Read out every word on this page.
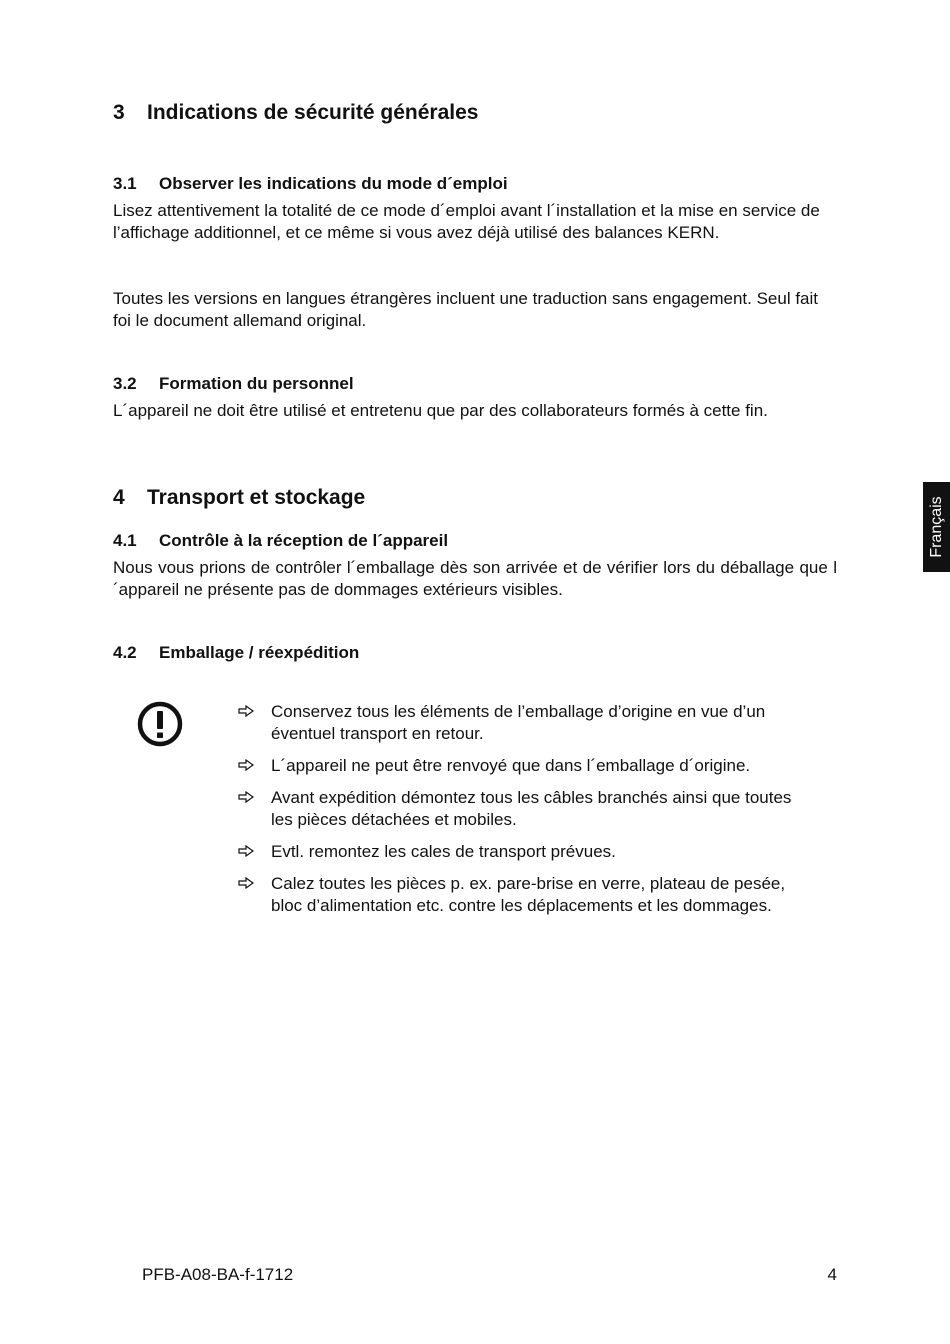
Français
3 Indications de sécurité générales
3.1 Observer les indications du mode d´emploi

Lisez attentivement la totalité de ce mode d´emploi avant l´installation et la mise en service de l’affichage additionnel, et ce même si vous avez déjà utilisé des balances KERN.

Toutes les versions en langues étrangères incluent une traduction sans engagement. Seul fait foi le document allemand original.

3.2 Formation du personnel

L´appareil ne doit être utilisé et entretenu que par des collaborateurs formés à cette fin.

4 Transport et stockage
4.1 Contrôle à la réception de l´appareil

Nous vous prions de contrôler l´emballage dès son arrivée et de vérifier lors du déballage que l´appareil ne présente pas de dommages extérieurs visibles.

4.2 Emballage / réexpédition
Conservez tous les éléments de l’emballage d’origine en vue d’un éventuel transport en retour.
L´appareil ne peut être renvoyé que dans l´emballage d´origine.
Avant expédition démontez tous les câbles branchés ainsi que toutes les pièces détachées et mobiles.
Evtl. remontez les cales de transport prévues.
Calez toutes les pièces p. ex. pare-brise en verre, plateau de pesée, bloc d’alimentation etc. contre les déplacements et les dommages.
PFB-A08-BA-f-1712	4
